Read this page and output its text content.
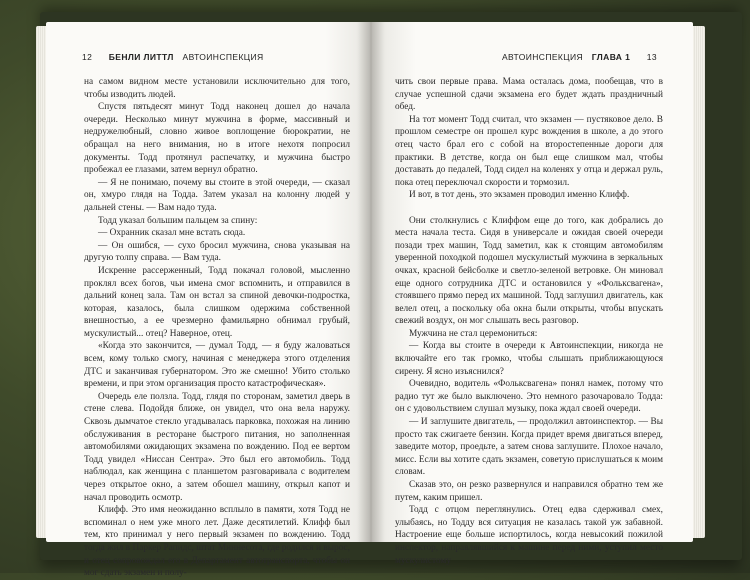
12 БЕНЛИ ЛИТТЛ АВТОИНСПЕКЦИЯ

на самом видном месте установили исключительно для того, чтобы изводить людей.

Спустя пятьдесят минут Тодд наконец дошел до начала очереди. Несколько минут мужчина в форме, массивный и недружелюбный, словно живое воплощение бюрократии, не обращал на него внимания, но в итоге нехотя попросил документы. Тодд протянул распечатку, и мужчина быстро пробежал ее глазами, затем вернул обратно.

— Я не понимаю, почему вы стоите в этой очереди, — сказал он, хмуро глядя на Тодда. Затем указал на колонну людей у дальней стены. — Вам надо туда.

Тодд указал большим пальцем за спину:

— Охранник сказал мне встать сюда.

— Он ошибся, — сухо бросил мужчина, снова указывая на другую толпу справа. — Вам туда.

Искренне рассерженный, Тодд покачал головой, мысленно проклял всех богов, чьи имена смог вспомнить, и отправился в дальний конец зала. Там он встал за спиной девочки-подростка, которая, казалось, была слишком одержима собственной внешностью, а ее чрезмерно фамильярно обнимал грубый, мускулистый... отец? Наверное, отец.

«Когда это закончится, — думал Тодд, — я буду жаловаться всем, кому только смогу, начиная с менеджера этого отделения ДТС и заканчивая губернатором. Это же смешно! Убито столько времени, и при этом организация просто катастрофическая».

Очередь еле ползла. Тодд, глядя по сторонам, заметил дверь в стене слева. Подойдя ближе, он увидел, что она вела наружу. Сквозь дымчатое стекло угадывалась парковка, похожая на линию обслуживания в ресторане быстрого питания, но заполненная автомобилями ожидающих экзамена по вождению. Под ее вертом Тодд увидел «Ниссан Сентра». Это был его автомобиль. Тодд наблюдал, как женщина с планшетом разговаривала с водителем через открытое окно, а затем обошел машину, открыл капот и начал проводить осмотр.

Клифф. Это имя неожиданно всплыло в памяти, хотя Тодд не вспоминал о нем уже много лет. Даже десятилетий. Клифф был тем, кто принимал у него первый экзамен по вождению. Тодд тогда жил в Паркер Рапидс, штат Миннесота, где родился и вырос, и отец сопровождал его в Департамент автотранспорта, чтобы он мог сдать экзамен и полу-

АВТОИНСПЕКЦИЯ ГЛАВА 1 13

чить свои первые права. Мама осталась дома, пообещав, что в случае успешной сдачи экзамена его будет ждать праздничный обед.

На тот момент Тодд считал, что экзамен — пустяковое дело. В прошлом семестре он прошел курс вождения в школе, а до этого отец часто брал его с собой на второстепенные дороги для практики. В детстве, когда он был еще слишком мал, чтобы доставать до педалей, Тодд сидел на коленях у отца и держал руль, пока отец переключал скорости и тормозил.

И вот, в тот день, это экзамен проводил именно Клифф.

Они столкнулись с Клиффом еще до того, как добрались до места начала теста. Сидя в универсале и ожидая своей очереди позади трех машин, Тодд заметил, как к стоящим автомобилям уверенной походкой подошел мускулистый мужчина в зеркальных очках, красной бейсболке и светло-зеленой ветровке. Он миновал еще одного сотрудника ДТС и остановился у «Фольксвагена», стоявшего прямо перед их машиной. Тодд заглушил двигатель, как велел отец, а поскольку оба окна были открыты, чтобы впускать свежий воздух, он мог слышать весь разговор.

Мужчина не стал церемониться:

— Когда вы стоите в очереди к Автоинспекции, никогда не включайте его так громко, чтобы слышать приближающуюся сирену. Я ясно изъяснился?

Очевидно, водитель «Фольксвагена» понял намек, потому что радио тут же было выключено. Это немного разочаровало Тодда: он с удовольствием слушал музыку, пока ждал своей очереди.

— И заглушите двигатель, — продолжил автоинспектор. — Вы просто так сжигаете бензин. Когда придет время двигаться вперед, заведите мотор, проедьте, а затем снова заглушите. Плохое начало, мисс. Если вы хотите сдать экзамен, советую прислушаться к моим словам.

Сказав это, он резко развернулся и направился обратно тем же путем, каким пришел.

Тодд с отцом переглянулись. Отец едва сдерживал смех, улыбаясь, но Тодду вся ситуация не казалась такой уж забавной. Настроение еще больше испортилось, когда невысокий пожилой инспектор, направлявшийся к машине перед ними, уступил место мускулистому
